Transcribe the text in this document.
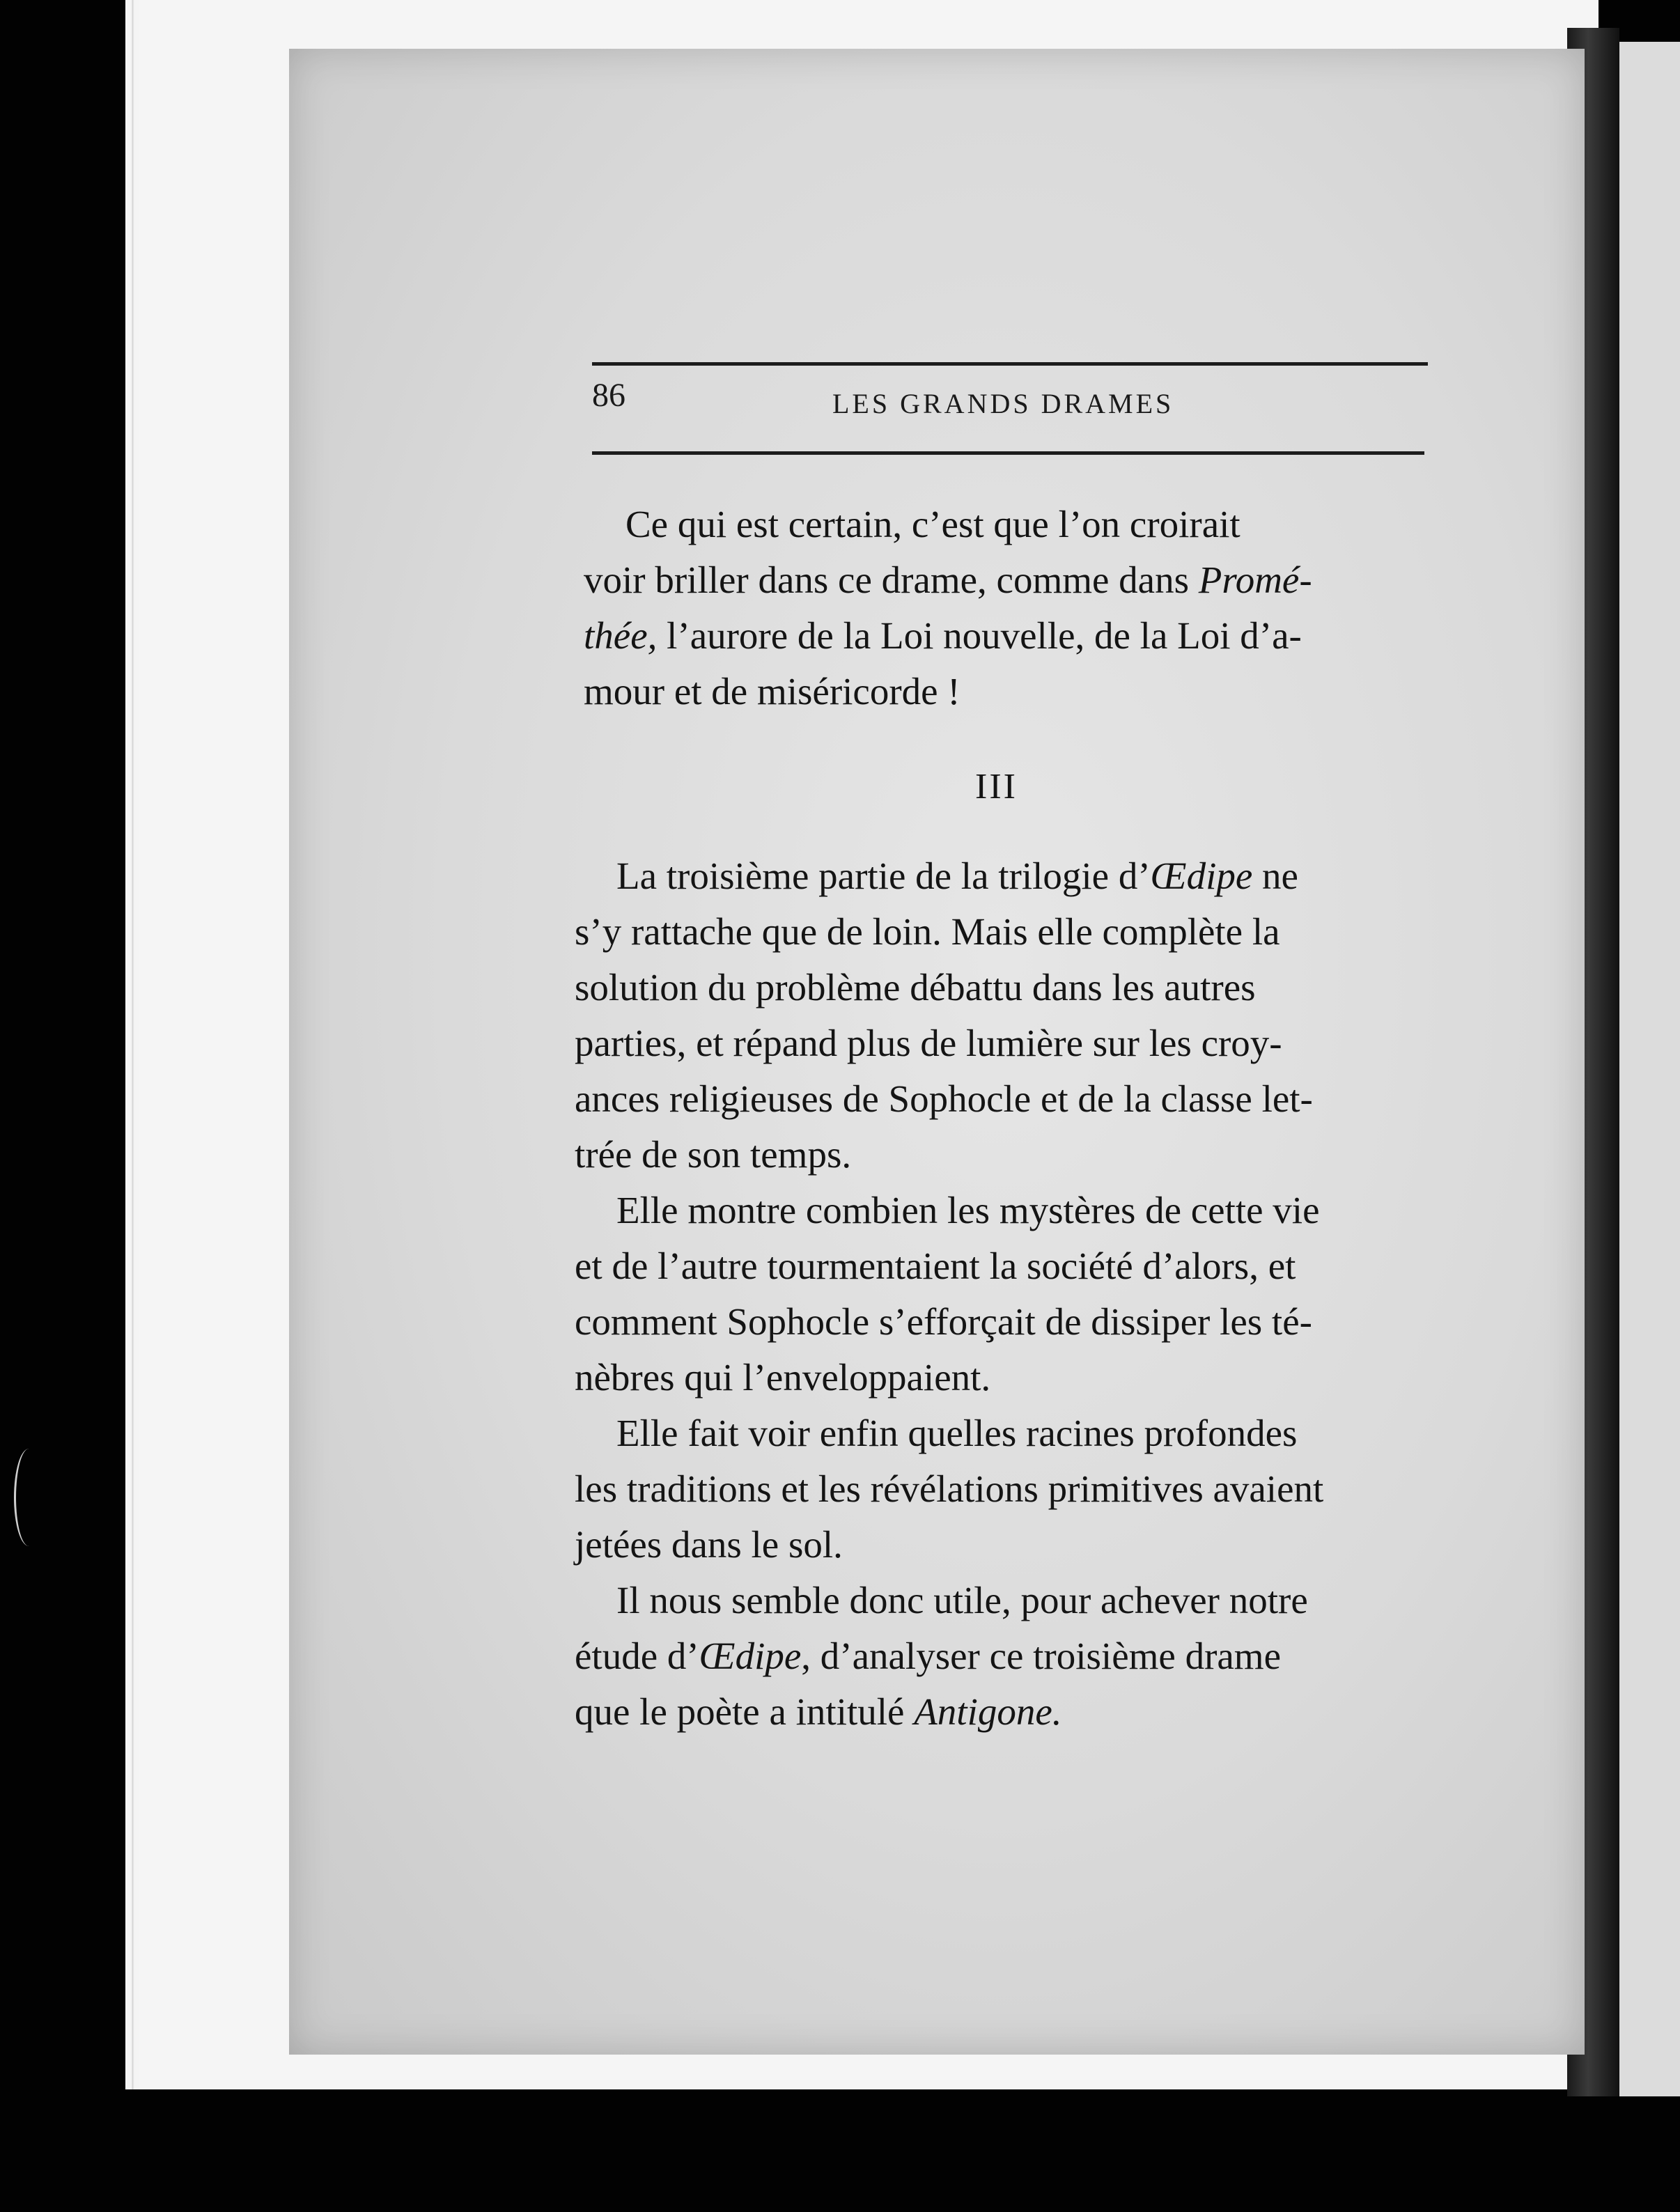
86	LES GRANDS DRAMES
Ce qui est certain, c’est que l’on croirait
voir briller dans ce drame, comme dans Promé-
thée, l’aurore de la Loi nouvelle, de la Loi d’a-
mour et de miséricorde !
III
La troisième partie de la trilogie d’Œdipe ne
s’y rattache que de loin. Mais elle complète la
solution du problème débattu dans les autres
parties, et répand plus de lumière sur les croy-
ances religieuses de Sophocle et de la classe let-
trée de son temps.
Elle montre combien les mystères de cette vie
et de l’autre tourmentaient la société d’alors, et
comment Sophocle s’efforçait de dissiper les té-
nèbres qui l’enveloppaient.
Elle fait voir enfin quelles racines profondes
les traditions et les révélations primitives avaient
jetées dans le sol.
Il nous semble donc utile, pour achever notre
étude d’Œdipe, d’analyser ce troisième drame
que le poète a intitulé Antigone.
